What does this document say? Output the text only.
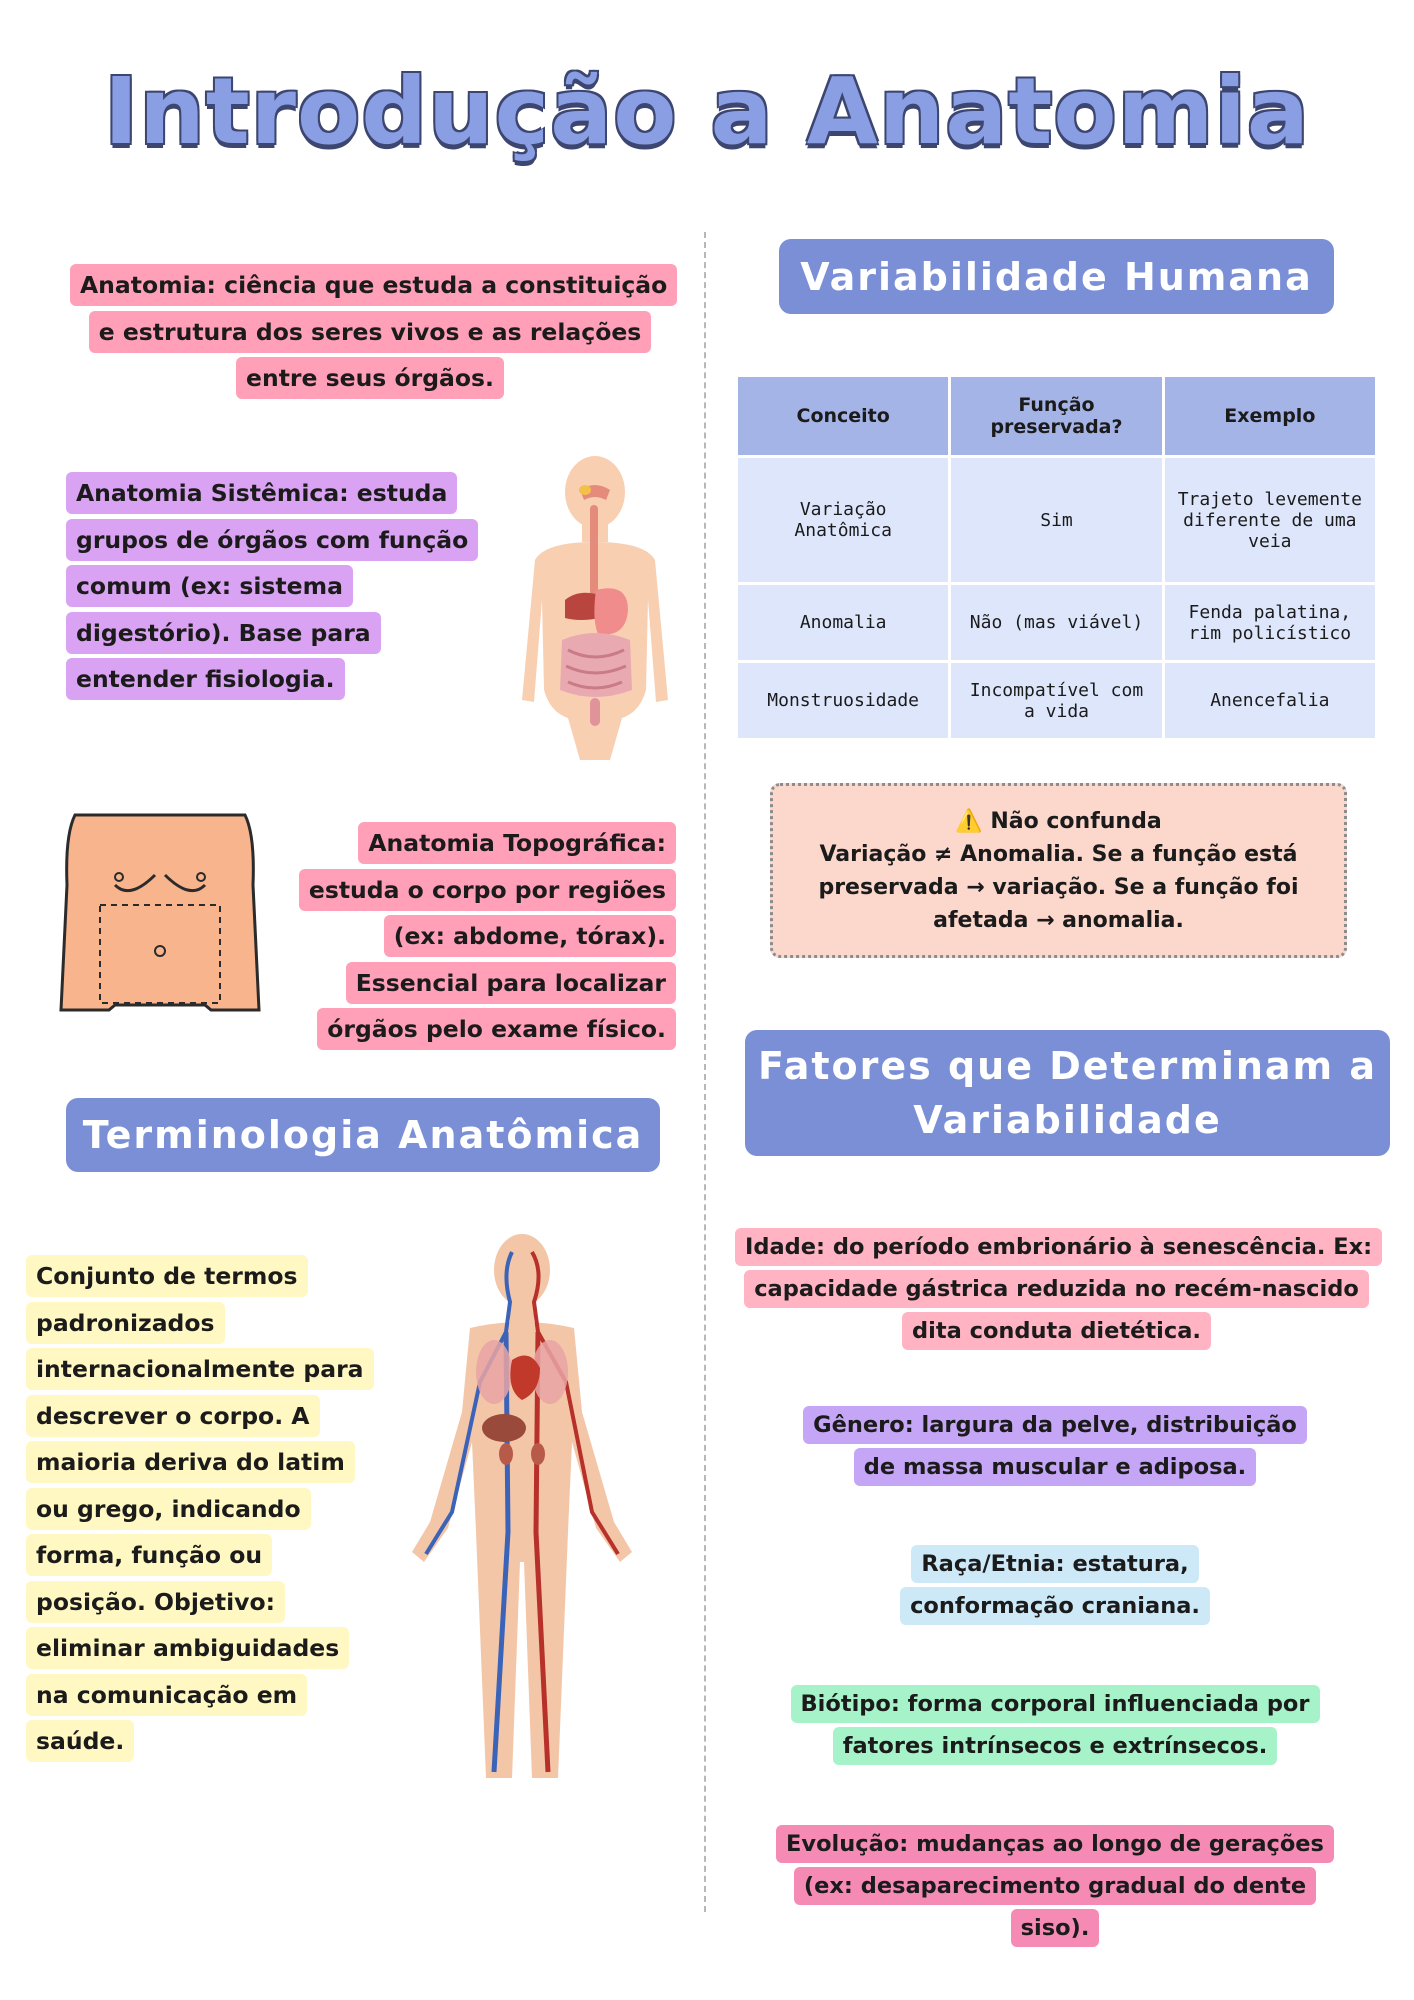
Introdução a Anatomia
Anatomia: ciência que estuda a constituição e estrutura dos seres vivos e as relações entre seus órgãos.
Anatomia Sistêmica: estuda grupos de órgãos com função comum (ex: sistema digestório). Base para entender fisiologia.
Anatomia Topográfica: estuda o corpo por regiões (ex: abdome, tórax). Essencial para localizar órgãos pelo exame físico.
Terminologia Anatômica
Conjunto de termos padronizados internacionalmente para descrever o corpo. A maioria deriva do latim ou grego, indicando forma, função ou posição. Objetivo: eliminar ambiguidades na comunicação em saúde.
Variabilidade Humana
Conceito	Função preservada?	Exemplo
Variação Anatômica	Sim	Trajeto levemente diferente de uma veia
Anomalia	Não (mas viável)	Fenda palatina, rim policístico
Monstruosidade	Incompatível com a vida	Anencefalia
⚠️ Não confunda
Variação ≠ Anomalia. Se a função está preservada → variação. Se a função foi afetada → anomalia.
Fatores que Determinam a Variabilidade
Idade: do período embrionário à senescência. Ex: capacidade gástrica reduzida no recém-nascido dita conduta dietética.
Gênero: largura da pelve, distribuição de massa muscular e adiposa.
Raça/Etnia: estatura, conformação craniana.
Biótipo: forma corporal influenciada por fatores intrínsecos e extrínsecos.
Evolução: mudanças ao longo de gerações (ex: desaparecimento gradual do dente siso).
